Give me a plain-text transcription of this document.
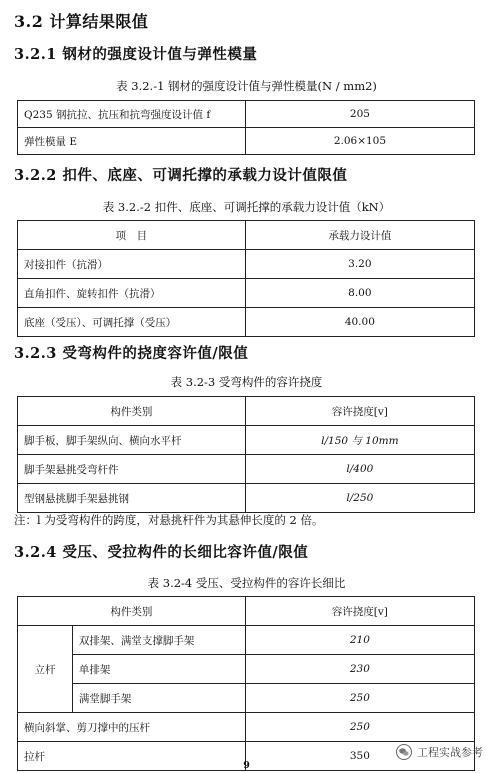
3.2 计算结果限值
3.2.1 钢材的强度设计值与弹性模量
表 3.2.-1 钢材的强度设计值与弹性模量(N / mm2)
Q235 钢抗拉、抗压和抗弯强度设计值 f	205
弹性模量 E	2.06×105
3.2.2 扣件、底座、可调托撑的承载力设计值限值
表 3.2.-2 扣件、底座、可调托撑的承载力设计值（kN）
项　目	承载力设计值
对接扣件（抗滑）	3.20
直角扣件、旋转扣件（抗滑）	8.00
底座（受压）、可调托撑（受压）	40.00
3.2.3 受弯构件的挠度容许值/限值
表 3.2-3 受弯构件的容许挠度
构件类别	容许挠度[v]
脚手板，脚手架纵向、横向水平杆	l/150 与 10mm
脚手架悬挑受弯杆件	l/400
型钢悬挑脚手架悬挑钢	l/250
注：l 为受弯构件的跨度，对悬挑杆件为其悬伸长度的 2 倍。
3.2.4 受压、受拉构件的长细比容许值/限值
表 3.2-4 受压、受拉构件的容许长细比
构件类别		容许挠度[v]
立杆	双排架、满堂支撑脚手架	210
	单排架	230
	满堂脚手架	250
横向斜掌、剪刀撑中的压杆		250
拉杆		350	工程实战参考
9
